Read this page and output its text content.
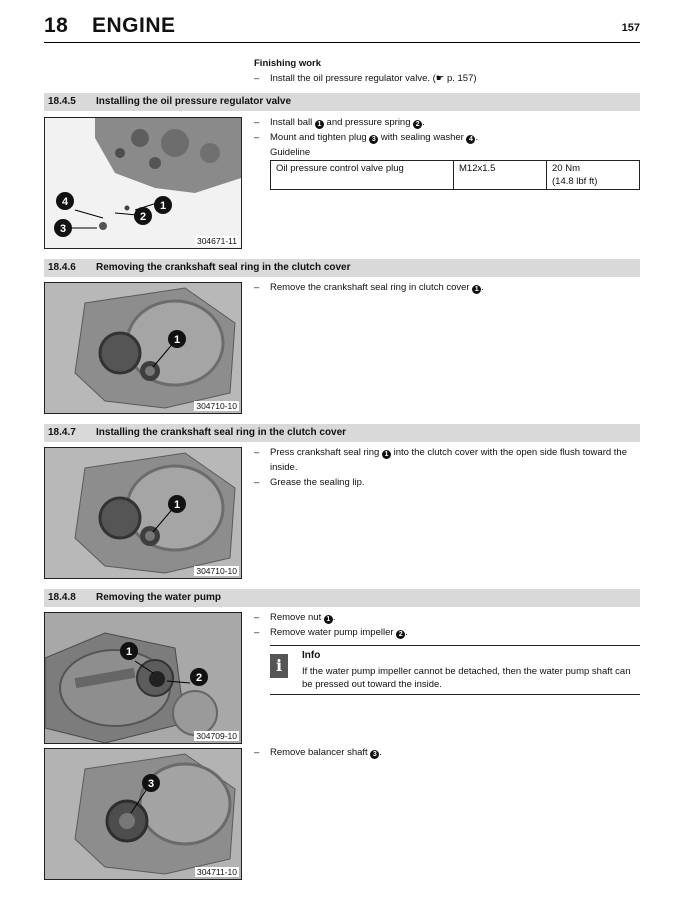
18 ENGINE	157
Finishing work
– Install the oil pressure regulator valve. (☛ p. 157)
18.4.5 Installing the oil pressure regulator valve
4	1
2
3
304671-11
– Install ball 1 and pressure spring 2 .
– Mount and tighten plug 3 with sealing washer 4 .
Guideline
Oil pressure control valve plug	M12x1.5	20 Nm
(14.8 lbf ft)
18.4.6 Removing the crankshaft seal ring in the clutch cover
1
304710-10
– Remove the crankshaft seal ring in clutch cover 1 .
18.4.7 Installing the crankshaft seal ring in the clutch cover
1
304710-10
– Press crankshaft seal ring 1 into the clutch cover with the open side flush toward the inside.
– Grease the sealing lip.
18.4.8 Removing the water pump
1
2
304709-10
– Remove nut 1 .
– Remove water pump impeller 2 .
i
Info
If the water pump impeller cannot be detached, then the water pump shaft can be pressed out toward the inside.
3
304711-10
– Remove balancer shaft 3 .
